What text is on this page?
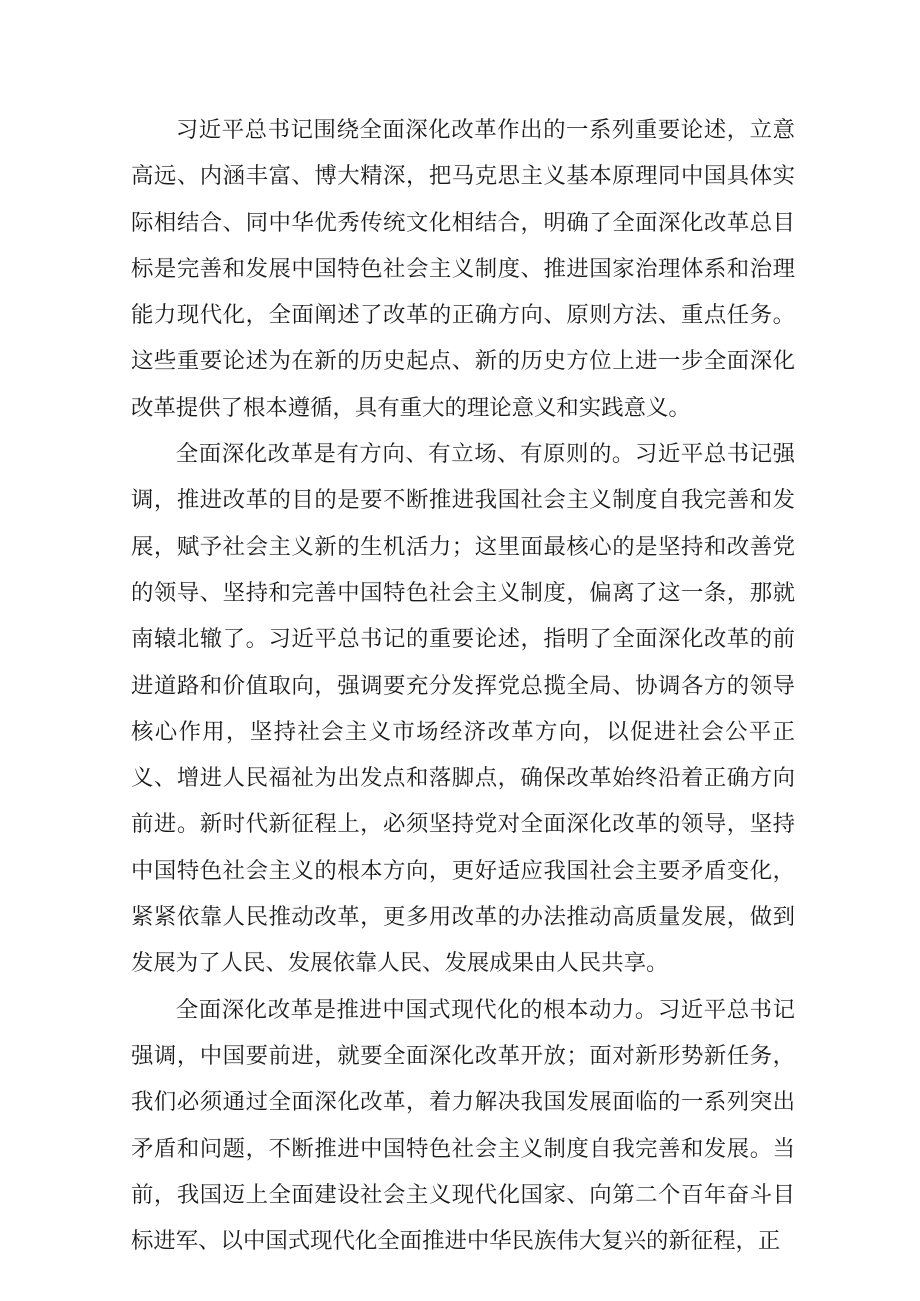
习近平总书记围绕全面深化改革作出的一系列重要论述，立意高远、内涵丰富、博大精深，把马克思主义基本原理同中国具体实际相结合、同中华优秀传统文化相结合，明确了全面深化改革总目标是完善和发展中国特色社会主义制度、推进国家治理体系和治理能力现代化，全面阐述了改革的正确方向、原则方法、重点任务。这些重要论述为在新的历史起点、新的历史方位上进一步全面深化改革提供了根本遵循，具有重大的理论意义和实践意义。

全面深化改革是有方向、有立场、有原则的。习近平总书记强调，推进改革的目的是要不断推进我国社会主义制度自我完善和发展，赋予社会主义新的生机活力；这里面最核心的是坚持和改善党的领导、坚持和完善中国特色社会主义制度，偏离了这一条，那就南辕北辙了。习近平总书记的重要论述，指明了全面深化改革的前进道路和价值取向，强调要充分发挥党总揽全局、协调各方的领导核心作用，坚持社会主义市场经济改革方向，以促进社会公平正义、增进人民福祉为出发点和落脚点，确保改革始终沿着正确方向前进。新时代新征程上，必须坚持党对全面深化改革的领导，坚持中国特色社会主义的根本方向，更好适应我国社会主要矛盾变化，紧紧依靠人民推动改革，更多用改革的办法推动高质量发展，做到发展为了人民、发展依靠人民、发展成果由人民共享。

全面深化改革是推进中国式现代化的根本动力。习近平总书记强调，中国要前进，就要全面深化改革开放；面对新形势新任务，我们必须通过全面深化改革，着力解决我国发展面临的一系列突出矛盾和问题，不断推进中国特色社会主义制度自我完善和发展。当前，我国迈上全面建设社会主义现代化国家、向第二个百年奋斗目标进军、以中国式现代化全面推进中华民族伟大复兴的新征程，正
